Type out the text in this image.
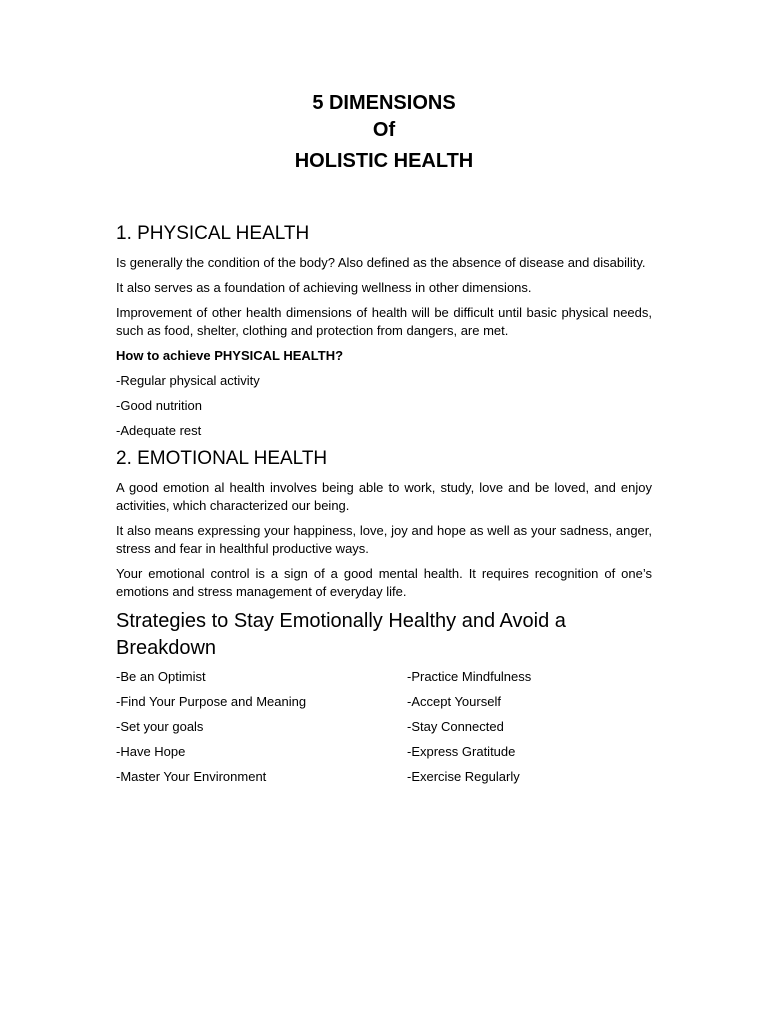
5 DIMENSIONS
Of
HOLISTIC HEALTH
1. PHYSICAL HEALTH
Is generally the condition of the body? Also defined as the absence of disease and disability.
It also serves as a foundation of achieving wellness in other dimensions.
Improvement of other health dimensions of health will be difficult until basic physical needs, such as food, shelter, clothing and protection from dangers, are met.
How to achieve PHYSICAL HEALTH?
-Regular physical activity
-Good nutrition
-Adequate rest
2. EMOTIONAL HEALTH
A good emotion al health involves being able to work, study, love and be loved, and enjoy activities, which characterized our being.
It also means expressing your happiness, love, joy and hope as well as your sadness, anger, stress and fear in healthful productive ways.
Your emotional control is a sign of a good mental health. It requires recognition of one’s emotions and stress management of everyday life.
Strategies to Stay Emotionally Healthy and Avoid a Breakdown
-Be an Optimist	-Practice Mindfulness
-Find Your Purpose and Meaning	-Accept Yourself
-Set your goals	-Stay Connected
-Have Hope	-Express Gratitude
-Master Your Environment	-Exercise Regularly
